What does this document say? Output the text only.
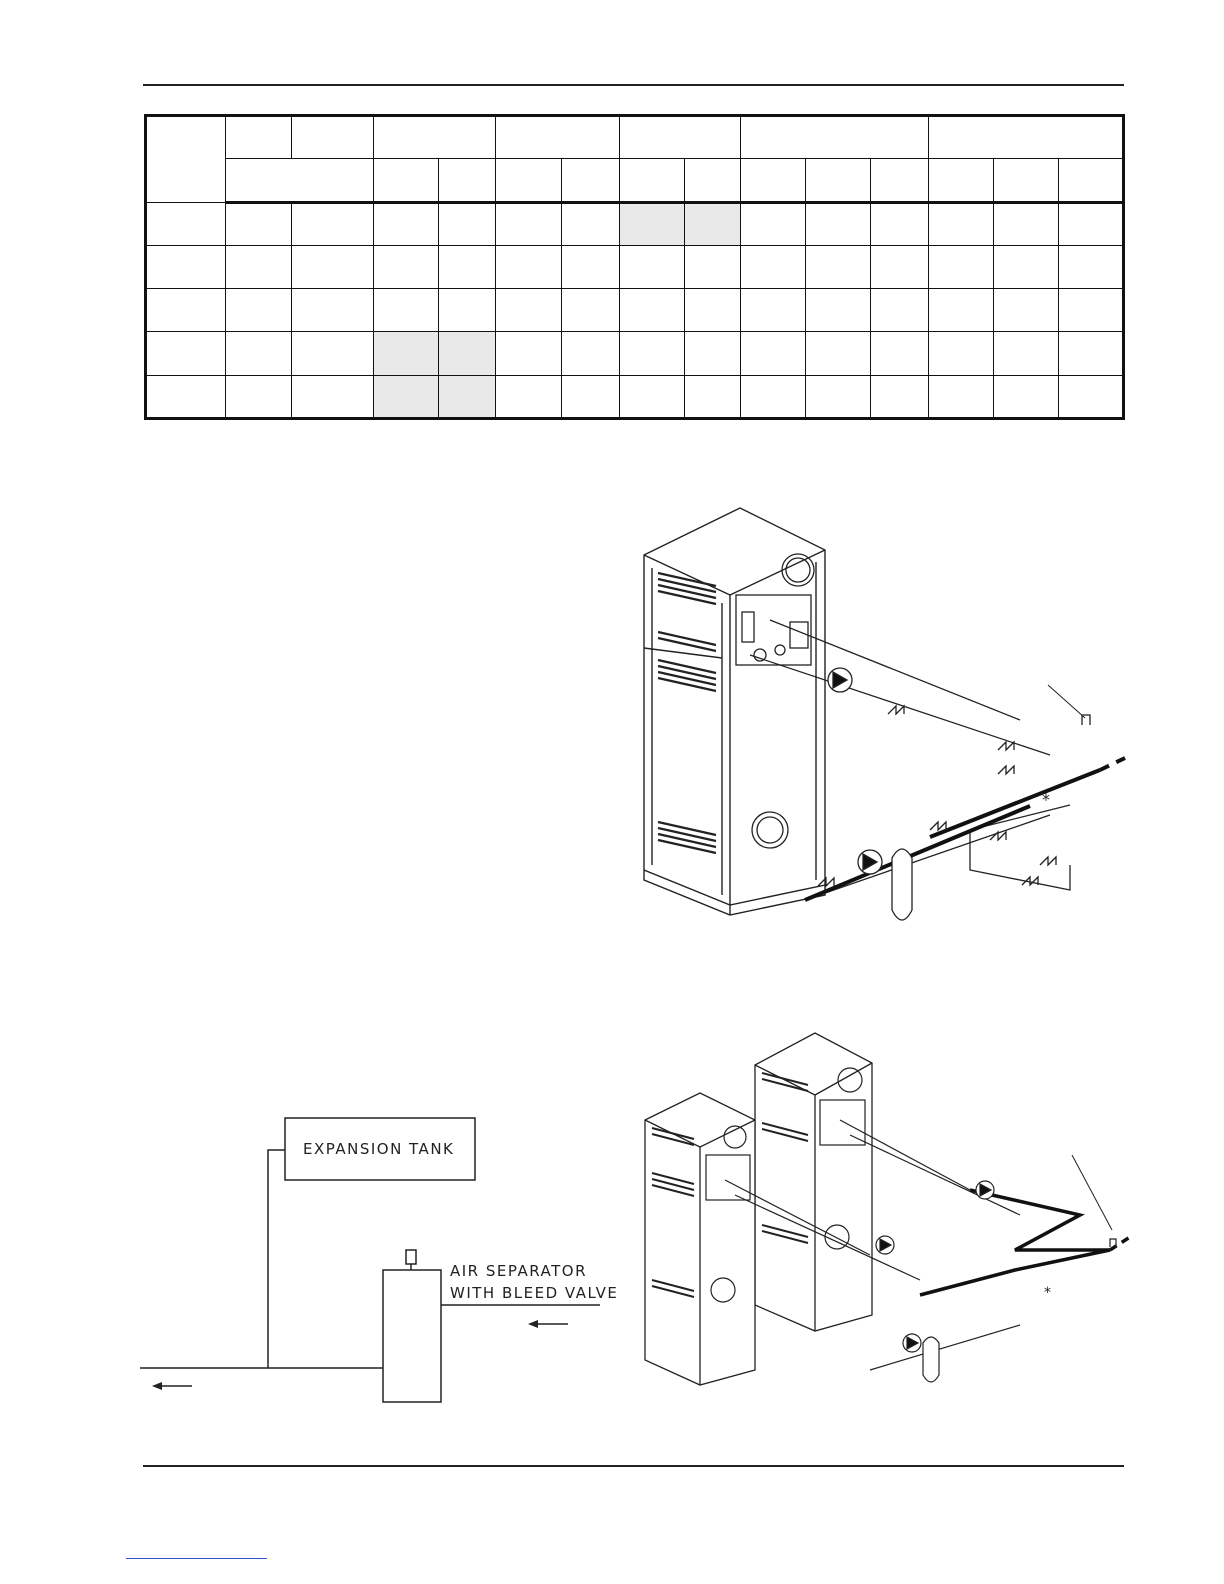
*
EXPANSION TANK
AIR SEPARATOR
WITH BLEED VALVE	*
